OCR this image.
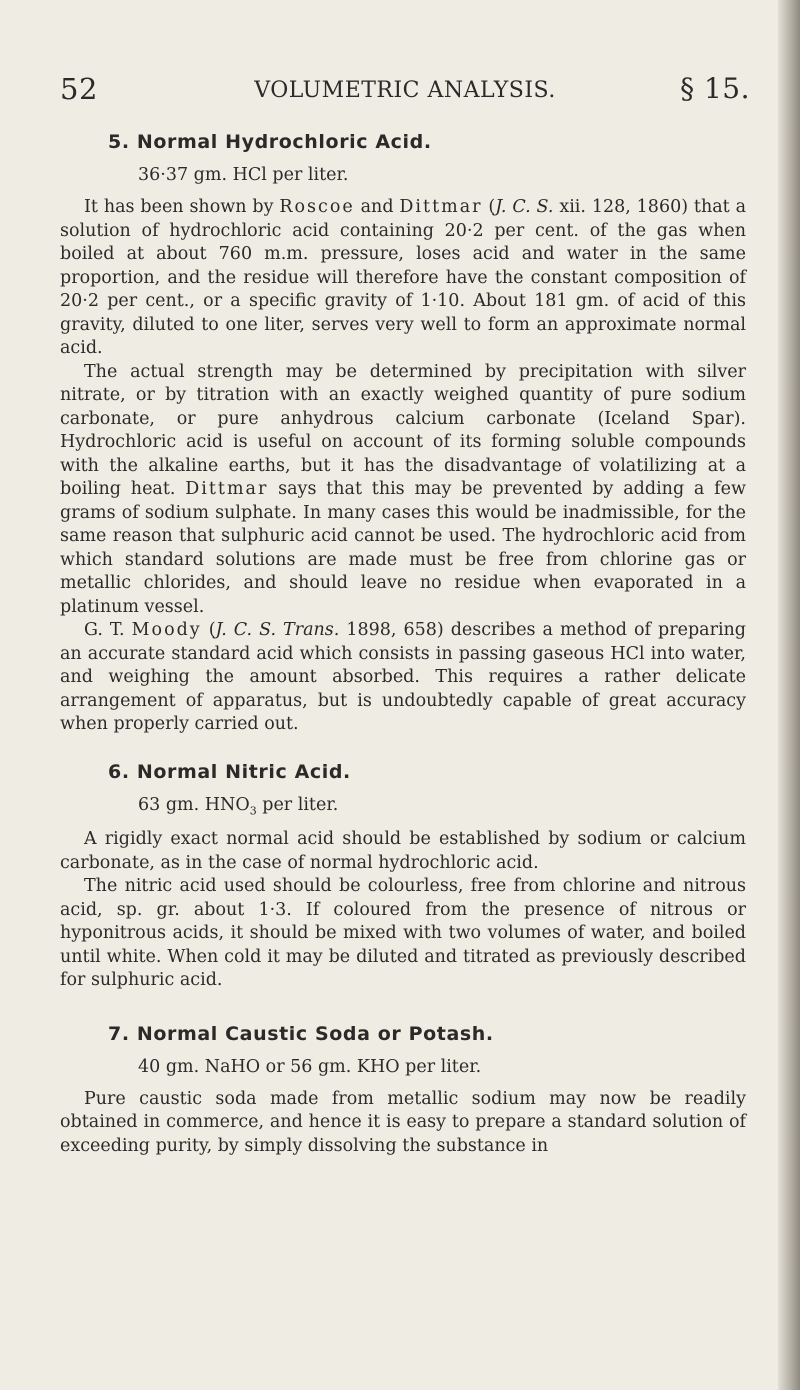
VOLUMETRIC ANALYSIS.
52	§ 15.
5. Normal Hydrochloric Acid.
36·37 gm. HCl per liter.

It has been shown by Roscoe and Dittmar (J. C. S. xii. 128, 1860) that a solution of hydrochloric acid containing 20·2 per cent. of the gas when boiled at about 760 m.m. pressure, loses acid and water in the same proportion, and the residue will therefore have the constant composition of 20·2 per cent., or a specific gravity of 1·10. About 181 gm. of acid of this gravity, diluted to one liter, serves very well to form an approximate normal acid.

The actual strength may be determined by precipitation with silver nitrate, or by titration with an exactly weighed quantity of pure sodium carbonate, or pure anhydrous calcium carbonate (Iceland Spar). Hydrochloric acid is useful on account of its forming soluble compounds with the alkaline earths, but it has the disadvantage of volatilizing at a boiling heat. Dittmar says that this may be prevented by adding a few grams of sodium sulphate. In many cases this would be inadmissible, for the same reason that sulphuric acid cannot be used. The hydrochloric acid from which standard solutions are made must be free from chlorine gas or metallic chlorides, and should leave no residue when evaporated in a platinum vessel.

G. T. Moody (J. C. S. Trans. 1898, 658) describes a method of preparing an accurate standard acid which consists in passing gaseous HCl into water, and weighing the amount absorbed. This requires a rather delicate arrangement of apparatus, but is undoubtedly capable of great accuracy when properly carried out.

6. Normal Nitric Acid.
63 gm. $HNO_3$ per liter.

A rigidly exact normal acid should be established by sodium or calcium carbonate, as in the case of normal hydrochloric acid.

The nitric acid used should be colourless, free from chlorine and nitrous acid, sp. gr. about 1·3. If coloured from the presence of nitrous or hyponitrous acids, it should be mixed with two volumes of water, and boiled until white. When cold it may be diluted and titrated as previously described for sulphuric acid.

7. Normal Caustic Soda or Potash.
40 gm. NaHO or 56 gm. KHO per liter.

Pure caustic soda made from metallic sodium may now be readily obtained in commerce, and hence it is easy to prepare a standard solution of exceeding purity, by simply dissolving the substance in
